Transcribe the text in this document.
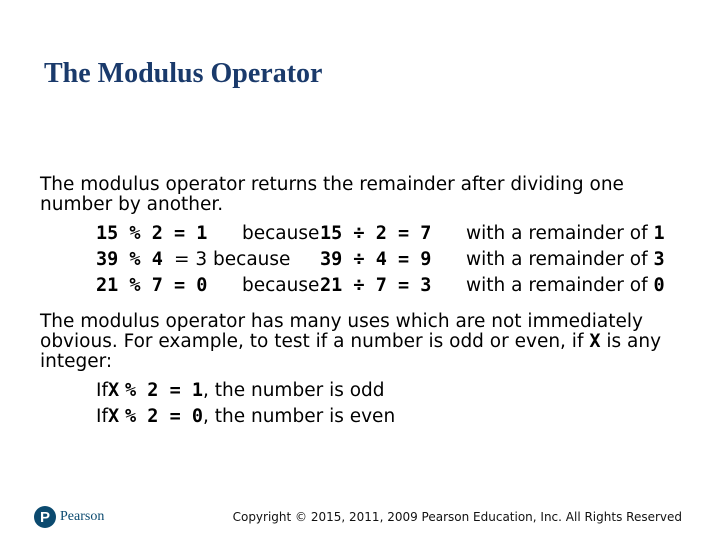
The Modulus Operator
The modulus operator returns the remainder after dividing one
number by another.
15 % 2 = 1 because15 ÷ 2 = 7 with a remainder of 1
39 % 4 = 3 because 39 ÷ 4 = 9 with a remainder of 3
21 % 7 = 0 because21 ÷ 7 = 3 with a remainder of 0
The modulus operator has many uses which are not immediately
obvious. For example, to test if a number is odd or even, if X is any
integer:
IfX % 2 = 1, the number is odd
IfX % 2 = 0, the number is even
P Pearson	Copyright © 2015, 2011, 2009 Pearson Education, Inc. All Rights Reserved
